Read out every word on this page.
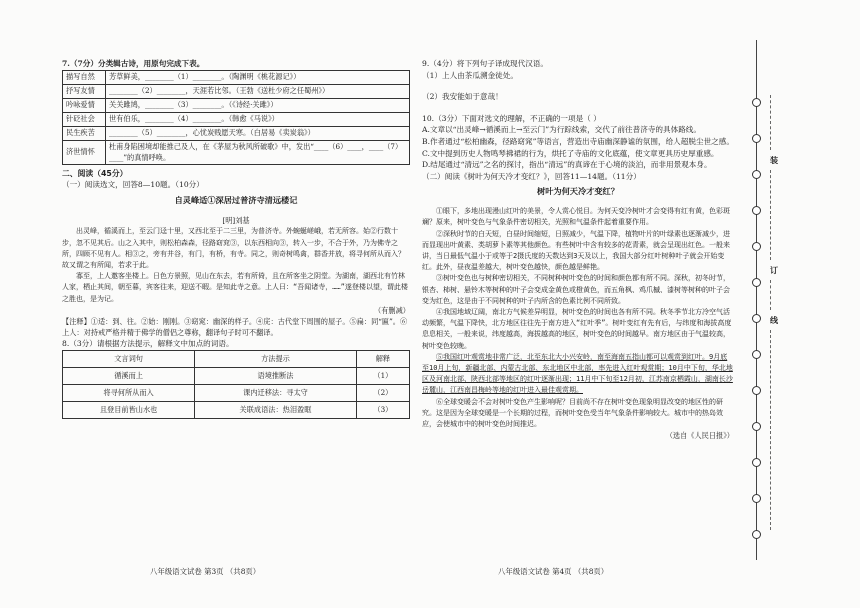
7.（7分）分类辑古诗，用原句完成下表。

描写自然	芳草鲜美，________（1）________。（陶渊明《桃花源记》）
抒写友情	________（2）________，天涯若比邻。（王勃《送杜少府之任蜀州》）
吟咏爱情	关关雎鸠，________（3）________。（《诗经·关雎》）
针砭社会	世有伯乐，________（4）________。（韩愈《马说》）
民生疾苦	________（5）________，心忧炭贱愿天寒。（白居易《卖炭翁》）
济世情怀	杜甫身陷困境却能推己及人，在《茅屋为秋风所破歌》中，发出“____（6）____，____（7）____”的真情呼唤。

二、阅读（45分）

（一）阅读选文，回答8—10题。（10分）

自灵峰适①深居过普济寺清远楼记

[明]刘基

出灵峰，循溪而上，至云门迳十里，又西北至于二三里，为普济寺。外蜿蜒嵯峨，若无所容。始②行数十步，忽不见其后。山之入其中，则松柏森森，径路窈窕③，以东西相向③，转入一步，不合于外，乃为佛寺之所，四顾不见有人。相③之，旁有井谷，有门，有桥，有寺。同之，则奇树鸣禽，群香并放，将寻何所从而入？故又谓之有所闻，若求于此。

寡至，上人邀客坐楼上。日色方景照，见山在东去，若有所倚，且在所客坐之阴堂。为湖南，湖西北有竹林人家，栖止其间，朝至暮，宾客往来，迎送不暇。是知此寺之意。上人曰：“吾闻诸寺，……”遂登楼以望，谓此楼之胜也，是为记。

（有删减）

【注释】①适：到、往。②始：刚刚。③窈窕：幽深的样子。④庑：古代堂下周围的屋子。⑤扁：同“匾”。⑥上人：对持戒严格并精于佛学的僧侣之尊称，翻译句子时可不翻译。

8.（3分）请根据方法提示，解释文中加点的词语。

文言词句	方法提示	解释
循溪而上	语境推断法	（1）
将寻何所从而入	课内迁移法：寻太守	（2）
且登目前皆山水也	关联成语法：热泪盈眶	（3）
八年级语文试卷 第3页 （共8页）

9.（4分）将下列句子译成现代汉语。

（1）上人由茶瓜溯金徒处。

（2）我安能如于意哉！

10.（3分）下面对选文的理解，不正确的一项是（ ）

A.文章以“出灵峰→循溪而上→至云门”为行踪线索，交代了前往普济寺的具体路线。

B.作者通过“松柏幽森，径路窈窕”等语言，营造出寺庙幽深静谧的氛围，给人超脱尘世之感。

C.文中提到历史人物鸣琴拂裙的行为，烘托了寺庙的文化底蕴，使文章更具历史厚重感。

D.结尾通过“清远”之名的探讨，指出“清远”的真谛在于心境的淡泊，而非用景观本身。

（二）阅读《树叶为何天冷才变红？》，回答11—14题。（11分）

树叶为何天冷才变红？

①眼下，多地出现漫山红叶的美景，令人赏心悦目。为何天变冷树叶才会变得有红有黄，色彩斑斓？原来，树叶变色与气象条件密切相关，光照和气温条件起着重要作用。

②深秋时节的白天短，白昼时间缩短，日照减少，气温下降，植物叶片的叶绿素也逐渐减少，进而显现出叶黄素、类胡萝卜素等其他颜色。有些树叶中含有较多的花青素，就会呈现出红色。一般来讲，当日最低气温小于或等于2摄氏度的天数达到3天及以上，我国大部分红叶树种叶子就会开始变红。此外，昼夜温差越大，树叶变色越快，颜色越是鲜艳。

③树叶变色也与树种密切相关，不同树种树叶变色的时间和颜色都有所不同。深秋，初冬时节，银杏、柿树、悬铃木等树种的叶子会变成金黄色或橙黄色，而五角枫、鸡爪槭、漆树等树种的叶子会变为红色，这是由于不同树种的叶子内所含的色素比例不同所致。

④我国地域辽阔，南北方气候差异明显，树叶变色的时间也各有所不同。秋冬季节北方冷空气活动频繁，气温下降快，北方地区往往先于南方进入“红叶季”。树叶变红有先有后，与纬度和海拔高度息息相关，一般来说，纬度越高，海拔越高的地区，树叶变色的时间越早。南方地区由于气温较高，树叶变色较晚。

⑤我国红叶观赏地非常广泛，北至东北大小兴安岭，南至海南五指山都可以观赏到红叶。9月底至10月上旬，新疆北部、内蒙古北部、东北地区中北部，率先进入红叶观赏期；10月中下旬，华北地区及河南北部、陕西北部等地区的红叶逐渐出现；11月中下旬至12月初，江苏南京栖霞山，湖南长沙岳麓山，江西南昌梅岭等地的红叶进入最佳观赏期。

⑥全球变暖会不会对树叶变色产生影响呢？目前尚不存在树叶变色现象明显改变的地区性的研究。这是因为全球变暖是一个长期的过程，而树叶变色受当年气象条件影响较大。城市中的热岛效应，会使城市中的树叶变色时间推迟。

（选自《人民日报》）

八年级语文试卷 第4页 （共8页）
装
订
线
